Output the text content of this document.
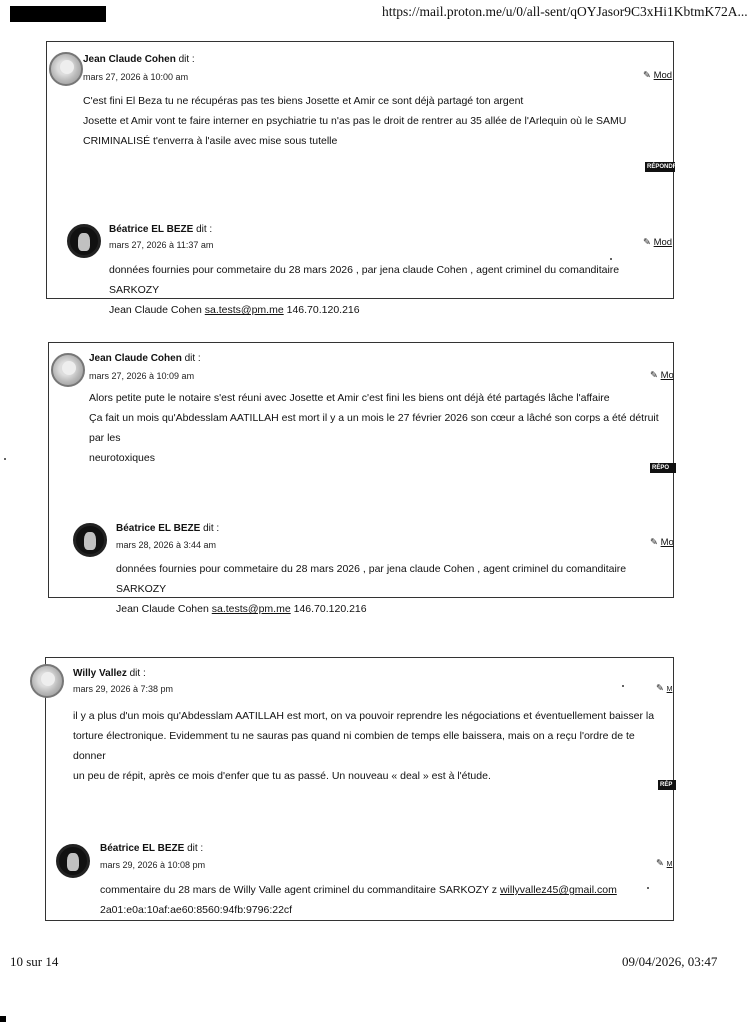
https://mail.proton.me/u/0/all-sent/qOYJasor9C3xHi1KbtmK72A...
Jean Claude Cohen dit :
mars 27, 2026 à 10:00 am	✎ Mod
C'est fini El Beza tu ne récupéras pas tes biens Josette et Amir ce sont déjà partagé ton argent
Josette et Amir vont te faire interner en psychiatrie tu n'as pas le droit de rentrer au 35 allée de l'Arlequin où le SAMU
CRIMINALISÉ t'enverra à l'asile avec mise sous tutelle
RÉPONDRE
Béatrice EL BEZE dit :
mars 27, 2026 à 11:37 am	✎ Mod
données fournies pour commetaire du 28 mars 2026 , par jena claude Cohen , agent criminel du comanditaire SARKOZY
Jean Claude Cohen sa.tests@pm.me 146.70.120.216
Jean Claude Cohen dit :
mars 27, 2026 à 10:09 am	✎ Mo
Alors petite pute le notaire s'est réuni avec Josette et Amir c'est fini les biens ont déjà été partagés lâche l'affaire
Ça fait un mois qu'Abdesslam AATILLAH est mort il y a un mois le 27 février 2026 son cœur a lâché son corps a été détruit par les
neurotoxiques
RÉPO
Béatrice EL BEZE dit :
mars 28, 2026 à 3:44 am	✎ Mo
données fournies pour commetaire du 28 mars 2026 , par jena claude Cohen , agent criminel du comanditaire SARKOZY
Jean Claude Cohen sa.tests@pm.me 146.70.120.216
Willy Vallez dit :
mars 29, 2026 à 7:38 pm	✎ M
il y a plus d'un mois qu'Abdesslam AATILLAH est mort, on va pouvoir reprendre les négociations et éventuellement baisser la
torture électronique. Evidemment tu ne sauras pas quand ni combien de temps elle baissera, mais on a reçu l'ordre de te donner
un peu de répit, après ce mois d'enfer que tu as passé. Un nouveau « deal » est à l'étude.
RÉP
Béatrice EL BEZE dit :
mars 29, 2026 à 10:08 pm	✎ M
commentaire du 28 mars de Willy Valle agent criminel du commanditaire SARKOZY z willyvallez45@gmail.com
2a01:e0a:10af:ae60:8560:94fb:9796:22cf
10 sur 14	09/04/2026, 03:47
